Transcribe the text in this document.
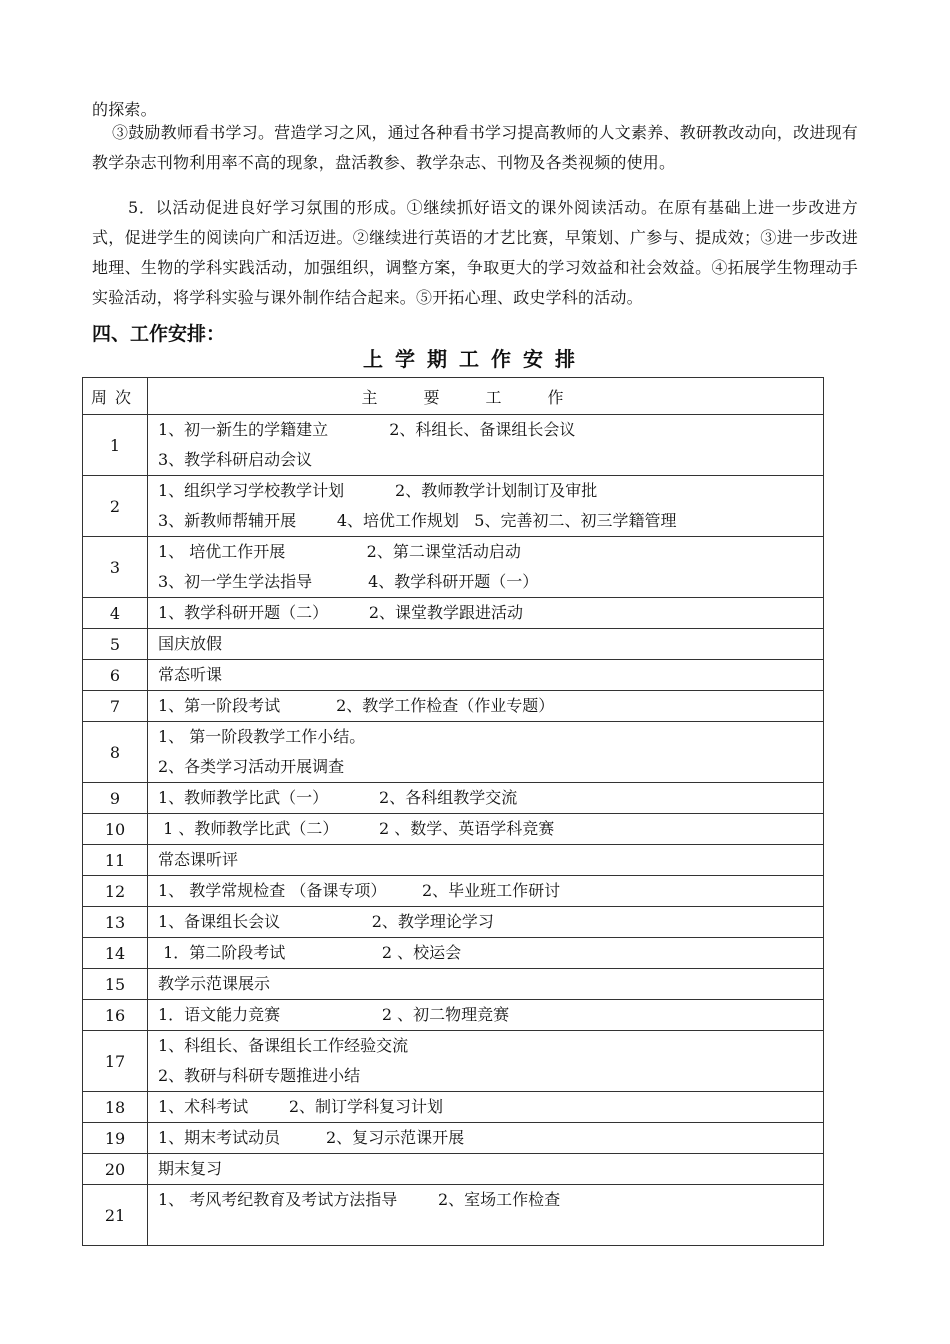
的探索。

③鼓励教师看书学习。营造学习之风，通过各种看书学习提高教师的人文素养、教研教改动向，改进现有教学杂志刊物利用率不高的现象，盘活教参、教学杂志、刊物及各类视频的使用。

5．以活动促进良好学习氛围的形成。①继续抓好语文的课外阅读活动。在原有基础上进一步改进方式，促进学生的阅读向广和活迈进。②继续进行英语的才艺比赛，早策划、广参与、提成效；③进一步改进地理、生物的学科实践活动，加强组织，调整方案，争取更大的学习效益和社会效益。④拓展学生物理动手实验活动，将学科实验与课外制作结合起来。⑤开拓心理、政史学科的活动。

四、工作安排：
上学期工作安排
周次	主要工作
1	1、初一新生的学籍建立            2、科组长、备课组长会议
3、教学科研启动会议

2	1、组织学习学校教学计划          2、教师教学计划制订及审批
3、新教师帮辅开展        4、培优工作规划   5、完善初二、初三学籍管理

3	1、 培优工作开展                2、第二课堂活动启动
3、初一学生学法指导           4、教学科研开题（一）

4	1、教学科研开题（二）        2、课堂教学跟进活动

5	国庆放假

6	常态听课

7	1、第一阶段考试           2、教学工作检查（作业专题）

8	1、 第一阶段教学工作小结。
2、各类学习活动开展调查

9	1、教师教学比武（一）          2、各科组教学交流

10	1 、教师教学比武（二）        2 、数学、英语学科竞赛

11	常态课听评

12	1、 教学常规检查 （备课专项）       2、毕业班工作研讨

13	1、备课组长会议                  2、教学理论学习

14	1．第二阶段考试                   2 、校运会

15	教学示范课展示

16	1．语文能力竞赛                    2 、初二物理竞赛

17	1、科组长、备课组长工作经验交流
2、教研与科研专题推进小结

18	1、术科考试        2、制订学科复习计划

19	1、期末考试动员         2、复习示范课开展

20	期末复习

21	1、 考风考纪教育及考试方法指导        2、室场工作检查
